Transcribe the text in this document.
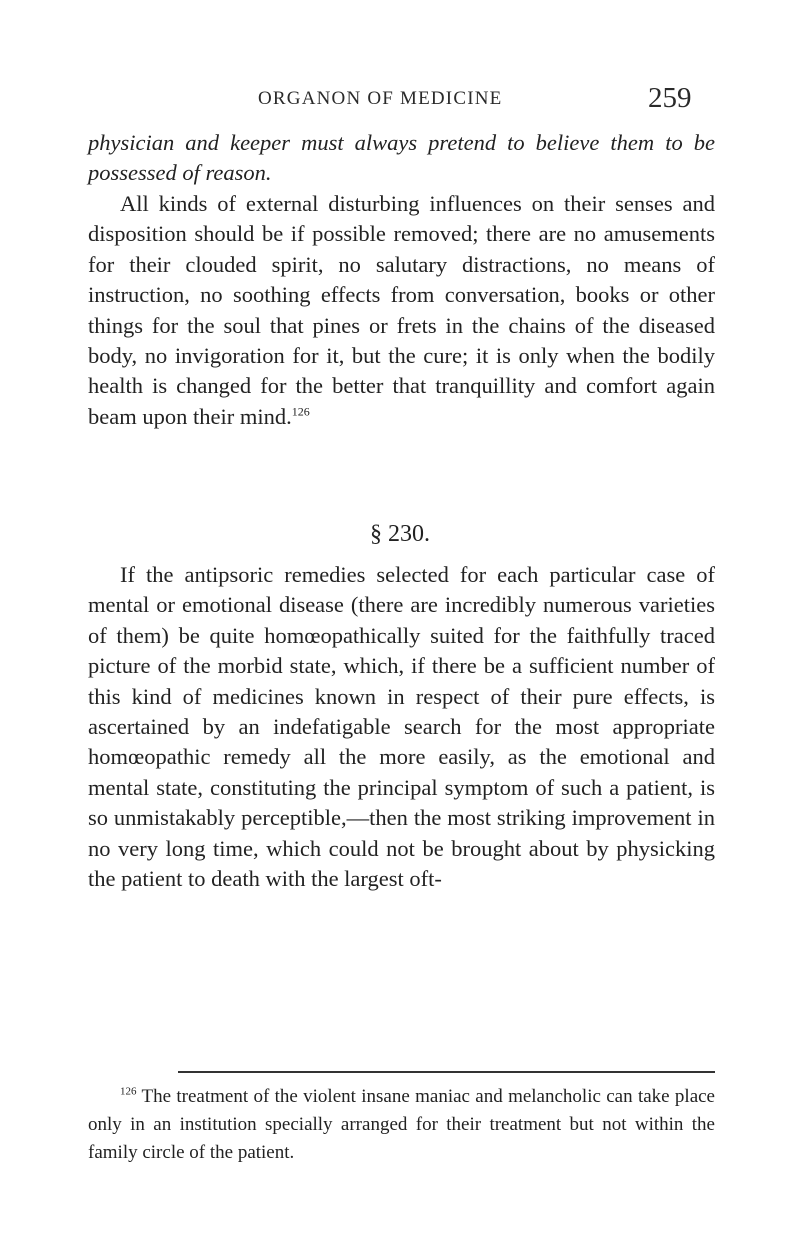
ORGANON OF MEDICINE	259

physician and keeper must always pretend to believe them to be possessed of reason.

All kinds of external disturbing influences on their senses and disposition should be if possible removed; there are no amusements for their clouded spirit, no salutary distractions, no means of instruction, no soothing effects from conversation, books or other things for the soul that pines or frets in the chains of the diseased body, no invigoration for it, but the cure; it is only when the bodily health is changed for the better that tranquillity and comfort again beam upon their mind.$^{126}$

§ 230.

If the antipsoric remedies selected for each particular case of mental or emotional disease (there are incredibly numerous varieties of them) be quite homœopathically suited for the faithfully traced picture of the morbid state, which, if there be a sufficient number of this kind of medicines known in respect of their pure effects, is ascertained by an indefatigable search for the most appropriate homœopathic remedy all the more easily, as the emotional and mental state, constituting the principal symptom of such a patient, is so unmistakably perceptible,—then the most striking improvement in no very long time, which could not be brought about by physicking the patient to death with the largest oft-

$^{126}$ The treatment of the violent insane maniac and melancholic can take place only in an institution specially arranged for their treatment but not within the family circle of the patient.
